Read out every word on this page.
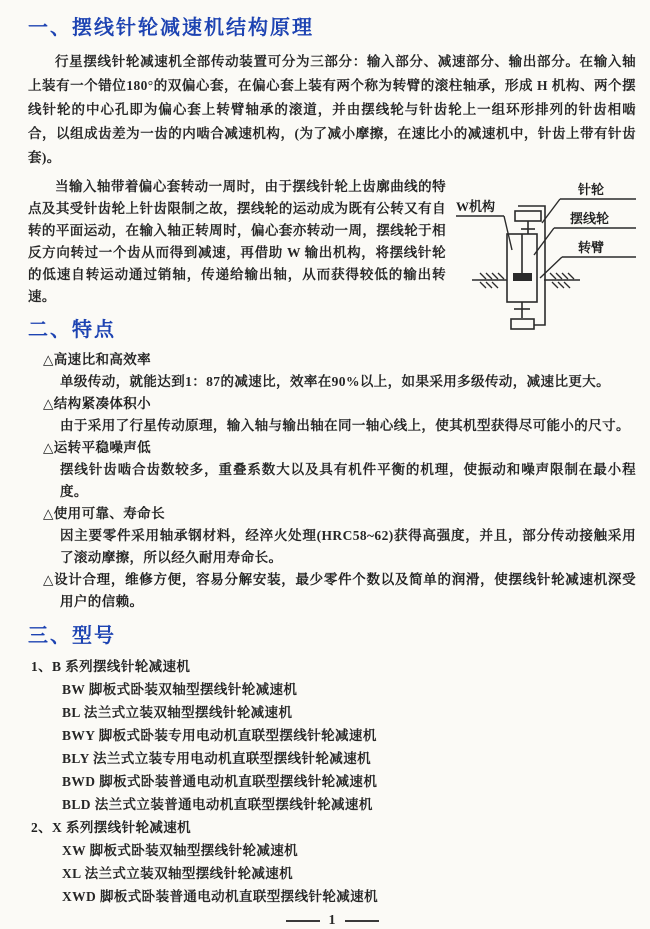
一、摆线针轮减速机结构原理

行星摆线针轮减速机全部传动装置可分为三部分：输入部分、减速部分、输出部分。在输入轴上装有一个错位180°的双偏心套，在偏心套上装有两个称为转臂的滚柱轴承，形成 H 机构、两个摆线针轮的中心孔即为偏心套上转臂轴承的滚道，并由摆线轮与针齿轮上一组环形排列的针齿相啮合，以组成齿差为一齿的内啮合减速机构，(为了减小摩擦，在速比小的减速机中，针齿上带有针齿套)。

针轮
摆线轮
转臂
W机构

当输入轴带着偏心套转动一周时，由于摆线针轮上齿廓曲线的特点及其受针齿轮上针齿限制之故，摆线轮的运动成为既有公转又有自转的平面运动，在输入轴正转周时，偏心套亦转动一周，摆线轮于相反方向转过一个齿从而得到减速，再借助 W 输出机构，将摆线针轮的低速自转运动通过销轴，传递给输出轴，从而获得较低的输出转速。

二、特点
△高速比和高效率
单级传动，就能达到1：87的减速比，效率在90%以上，如果采用多级传动，减速比更大。
△结构紧凑体积小
由于采用了行星传动原理，输入轴与输出轴在同一轴心线上，使其机型获得尽可能小的尺寸。
△运转平稳噪声低
摆线针齿啮合齿数较多，重叠系数大以及具有机件平衡的机理，使振动和噪声限制在最小程度。
△使用可靠、寿命长
因主要零件采用轴承钢材料，经淬火处理(HRC58~62)获得高强度，并且，部分传动接触采用了滚动摩擦，所以经久耐用寿命长。
△设计合理，维修方便，容易分解安装，最少零件个数以及简单的润滑，使摆线针轮减速机深受用户的信赖。
三、型号
1、B 系列摆线针轮减速机
BW 脚板式卧装双轴型摆线针轮减速机
BL 法兰式立装双轴型摆线针轮减速机
BWY 脚板式卧装专用电动机直联型摆线针轮减速机
BLY 法兰式立装专用电动机直联型摆线针轮减速机
BWD 脚板式卧装普通电动机直联型摆线针轮减速机
BLD 法兰式立装普通电动机直联型摆线针轮减速机
2、X 系列摆线针轮减速机
XW 脚板式卧装双轴型摆线针轮减速机
XL 法兰式立装双轴型摆线针轮减速机
XWD 脚板式卧装普通电动机直联型摆线针轮减速机
1
